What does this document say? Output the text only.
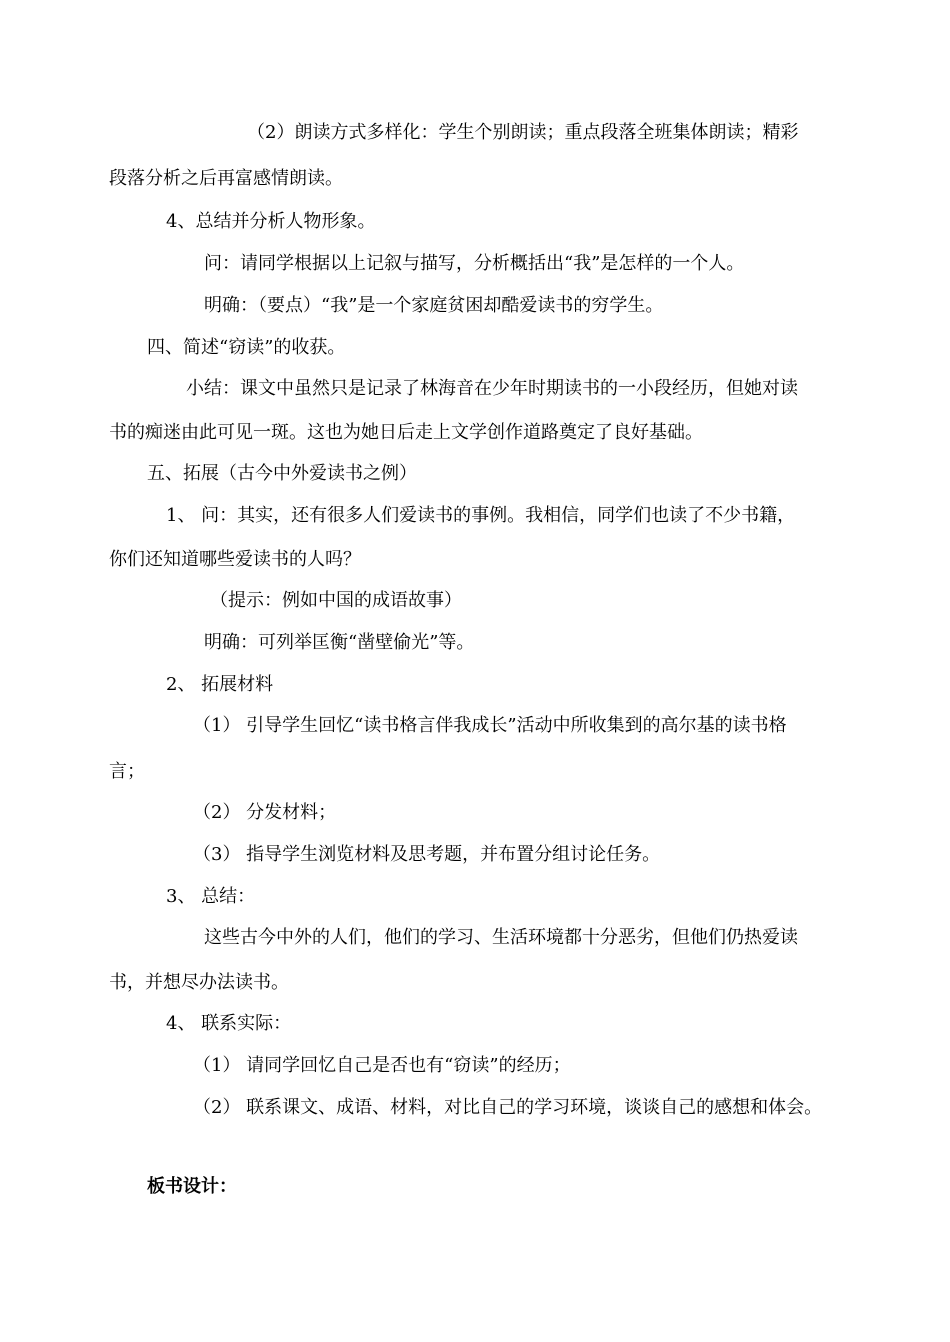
（2）朗读方式多样化：学生个别朗读；重点段落全班集体朗读；精彩
段落分析之后再富感情朗读。
4、总结并分析人物形象。
问：请同学根据以上记叙与描写，分析概括出“我”是怎样的一个人。
明确：（要点）“我”是一个家庭贫困却酷爱读书的穷学生。
四、简述“窃读”的收获。
小结：课文中虽然只是记录了林海音在少年时期读书的一小段经历，但她对读
书的痴迷由此可见一斑。这也为她日后走上文学创作道路奠定了良好基础。
五、拓展（古今中外爱读书之例）
1、 问：其实，还有很多人们爱读书的事例。我相信，同学们也读了不少书籍，
你们还知道哪些爱读书的人吗？
（提示：例如中国的成语故事）
明确：可列举匡衡“凿壁偷光”等。
2、 拓展材料
（1） 引导学生回忆“读书格言伴我成长”活动中所收集到的高尔基的读书格
言；
（2） 分发材料；
（3） 指导学生浏览材料及思考题，并布置分组讨论任务。
3、 总结：
这些古今中外的人们，他们的学习、生活环境都十分恶劣，但他们仍热爱读
书，并想尽办法读书。
4、 联系实际：
（1） 请同学回忆自己是否也有“窃读”的经历；
（2） 联系课文、成语、材料，对比自己的学习环境，谈谈自己的感想和体会。
板书设计：
